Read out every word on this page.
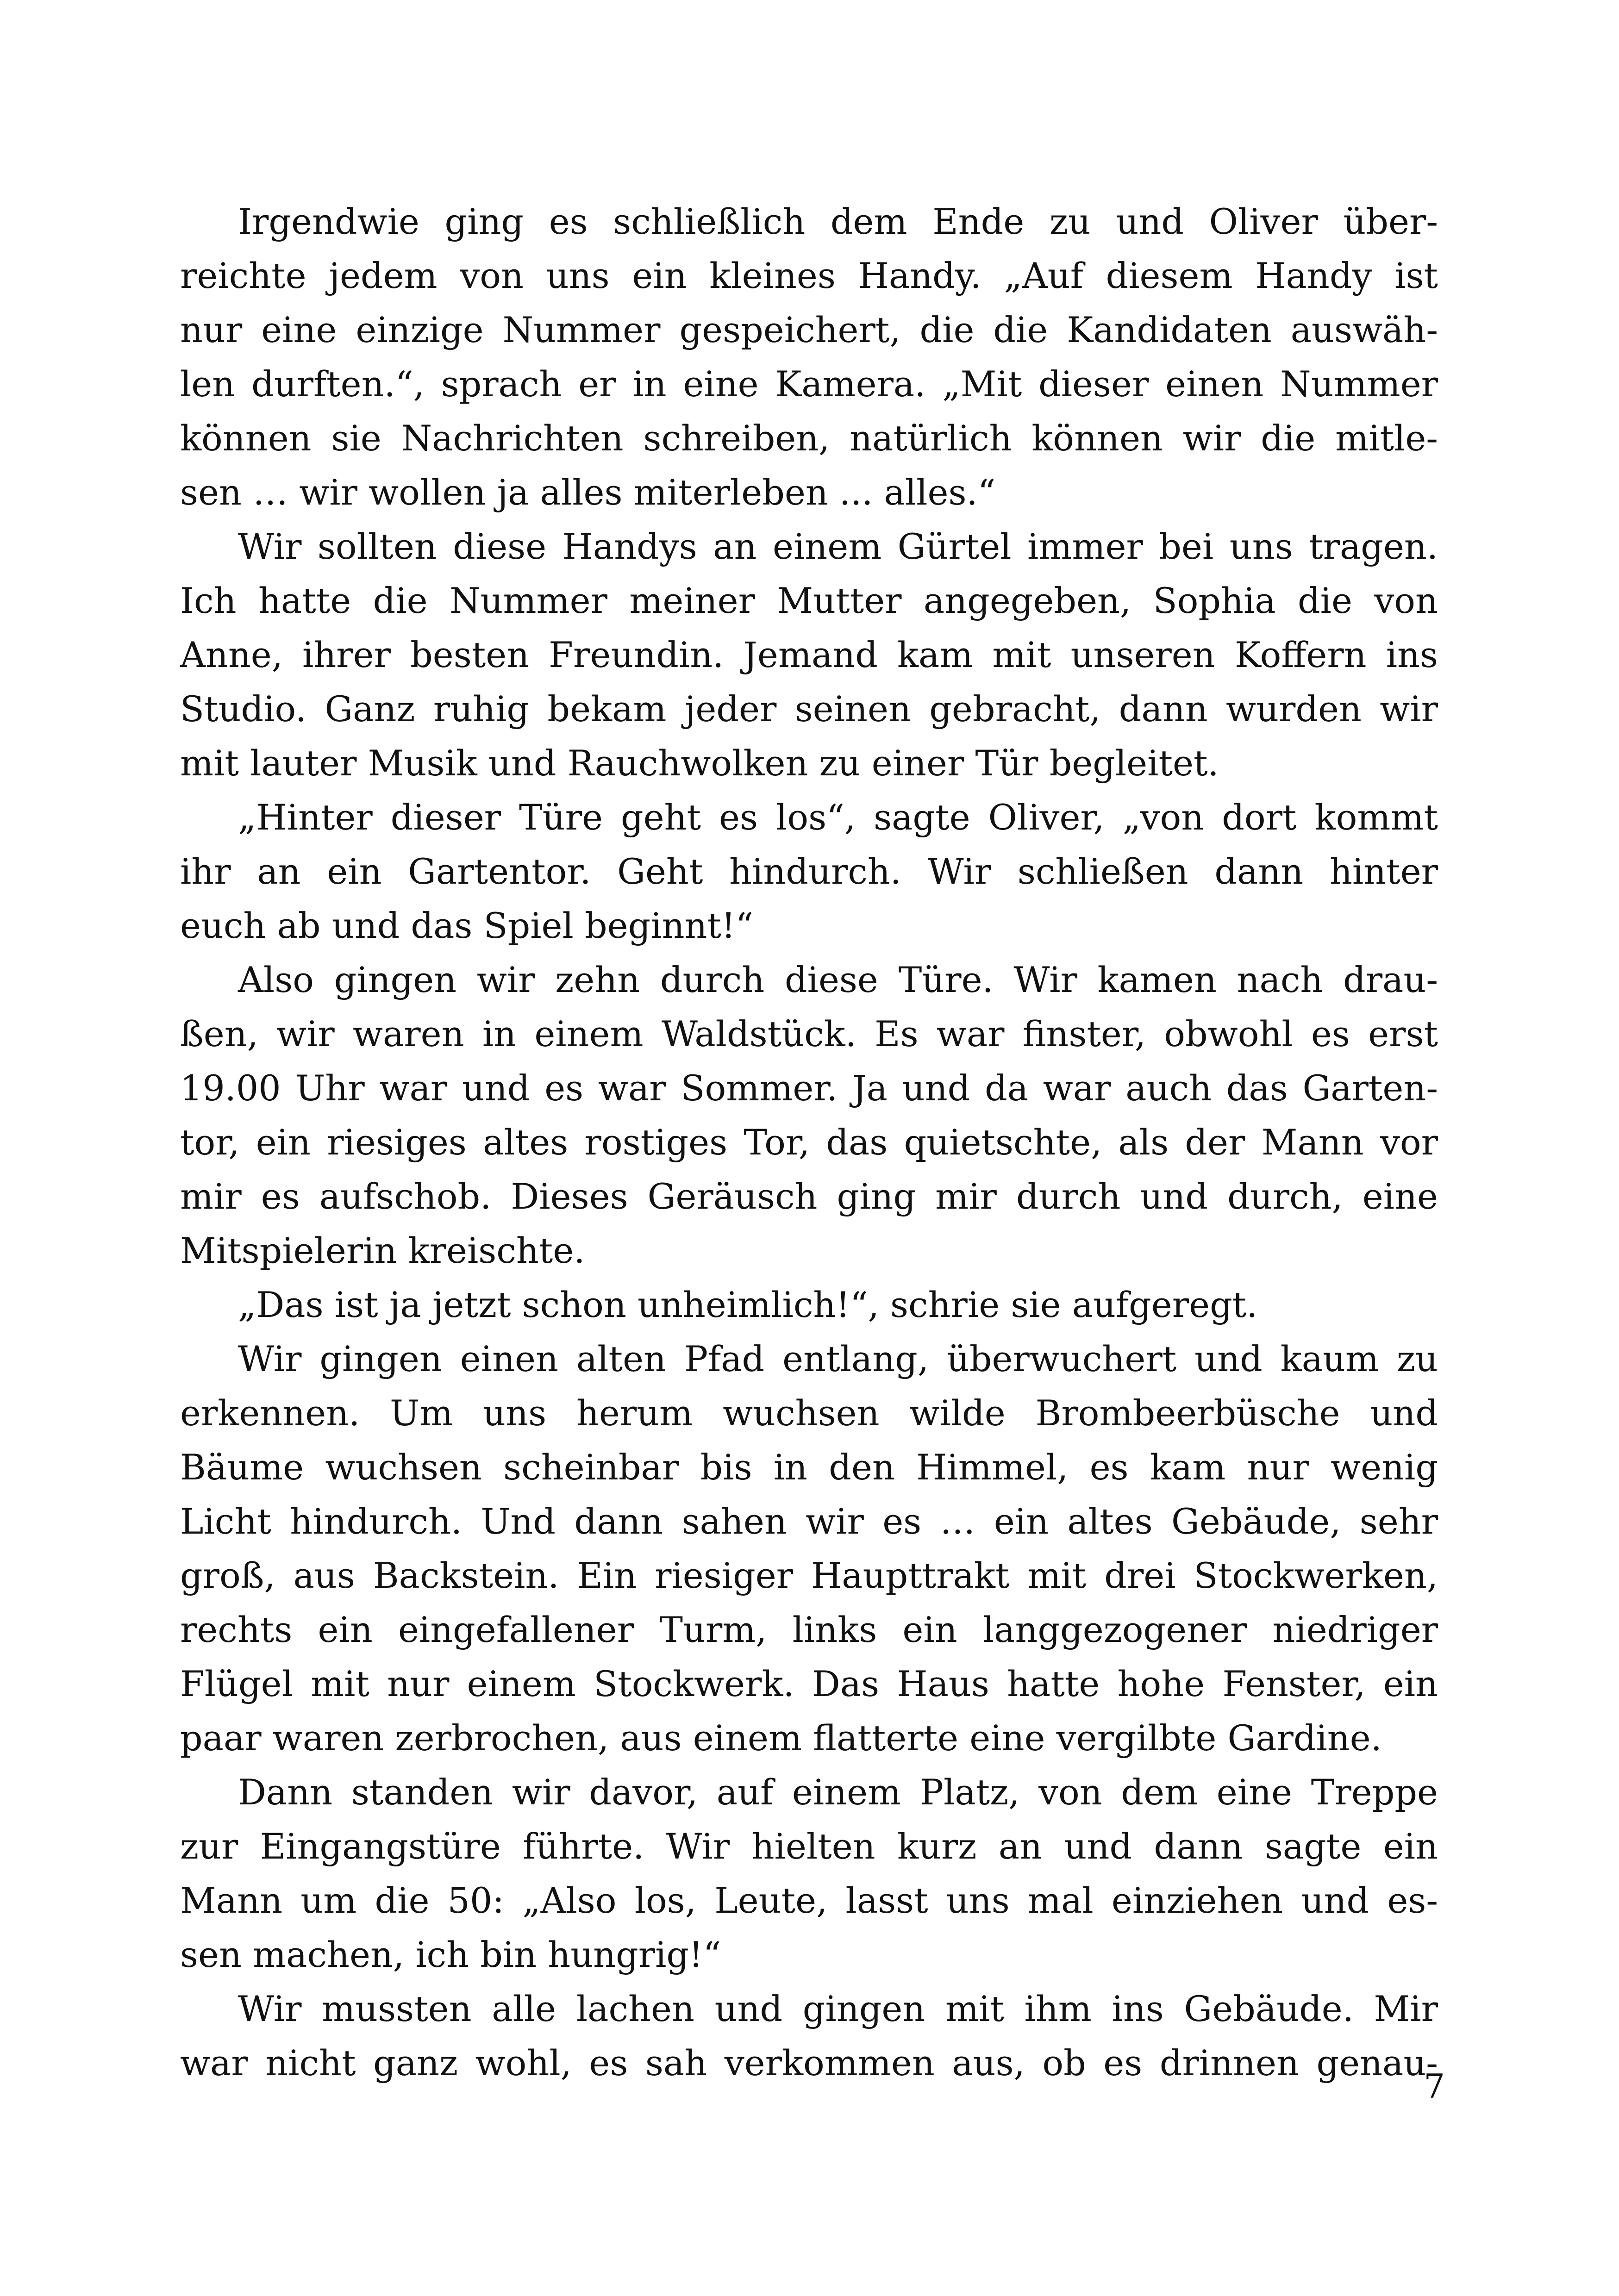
Irgendwie ging es schließlich dem Ende zu und Oliver über-
reichte jedem von uns ein kleines Handy. „Auf diesem Handy ist
nur eine einzige Nummer gespeichert, die die Kandidaten auswäh-
len durften.“, sprach er in eine Kamera. „Mit dieser einen Nummer
können sie Nachrichten schreiben, natürlich können wir die mitle-
sen … wir wollen ja alles miterleben ... alles.“
Wir sollten diese Handys an einem Gürtel immer bei uns tragen.
Ich hatte die Nummer meiner Mutter angegeben, Sophia die von
Anne, ihrer besten Freundin. Jemand kam mit unseren Koffern ins
Studio. Ganz ruhig bekam jeder seinen gebracht, dann wurden wir
mit lauter Musik und Rauchwolken zu einer Tür begleitet.
„Hinter dieser Türe geht es los“, sagte Oliver, „von dort kommt
ihr an ein Gartentor. Geht hindurch. Wir schließen dann hinter
euch ab und das Spiel beginnt!“
Also gingen wir zehn durch diese Türe. Wir kamen nach drau-
ßen, wir waren in einem Waldstück. Es war finster, obwohl es erst
19.00 Uhr war und es war Sommer. Ja und da war auch das Garten-
tor, ein riesiges altes rostiges Tor, das quietschte, als der Mann vor
mir es aufschob. Dieses Geräusch ging mir durch und durch, eine
Mitspielerin kreischte.
„Das ist ja jetzt schon unheimlich!“, schrie sie aufgeregt.
Wir gingen einen alten Pfad entlang, überwuchert und kaum zu
erkennen. Um uns herum wuchsen wilde Brombeerbüsche und
Bäume wuchsen scheinbar bis in den Himmel, es kam nur wenig
Licht hindurch. Und dann sahen wir es … ein altes Gebäude, sehr
groß, aus Backstein. Ein riesiger Haupttrakt mit drei Stockwerken,
rechts ein eingefallener Turm, links ein langgezogener niedriger
Flügel mit nur einem Stockwerk. Das Haus hatte hohe Fenster, ein
paar waren zerbrochen, aus einem flatterte eine vergilbte Gardine.
Dann standen wir davor, auf einem Platz, von dem eine Treppe
zur Eingangstüre führte. Wir hielten kurz an und dann sagte ein
Mann um die 50: „Also los, Leute, lasst uns mal einziehen und es-
sen machen, ich bin hungrig!“
Wir mussten alle lachen und gingen mit ihm ins Gebäude. Mir
war nicht ganz wohl, es sah verkommen aus, ob es drinnen genau-
7
